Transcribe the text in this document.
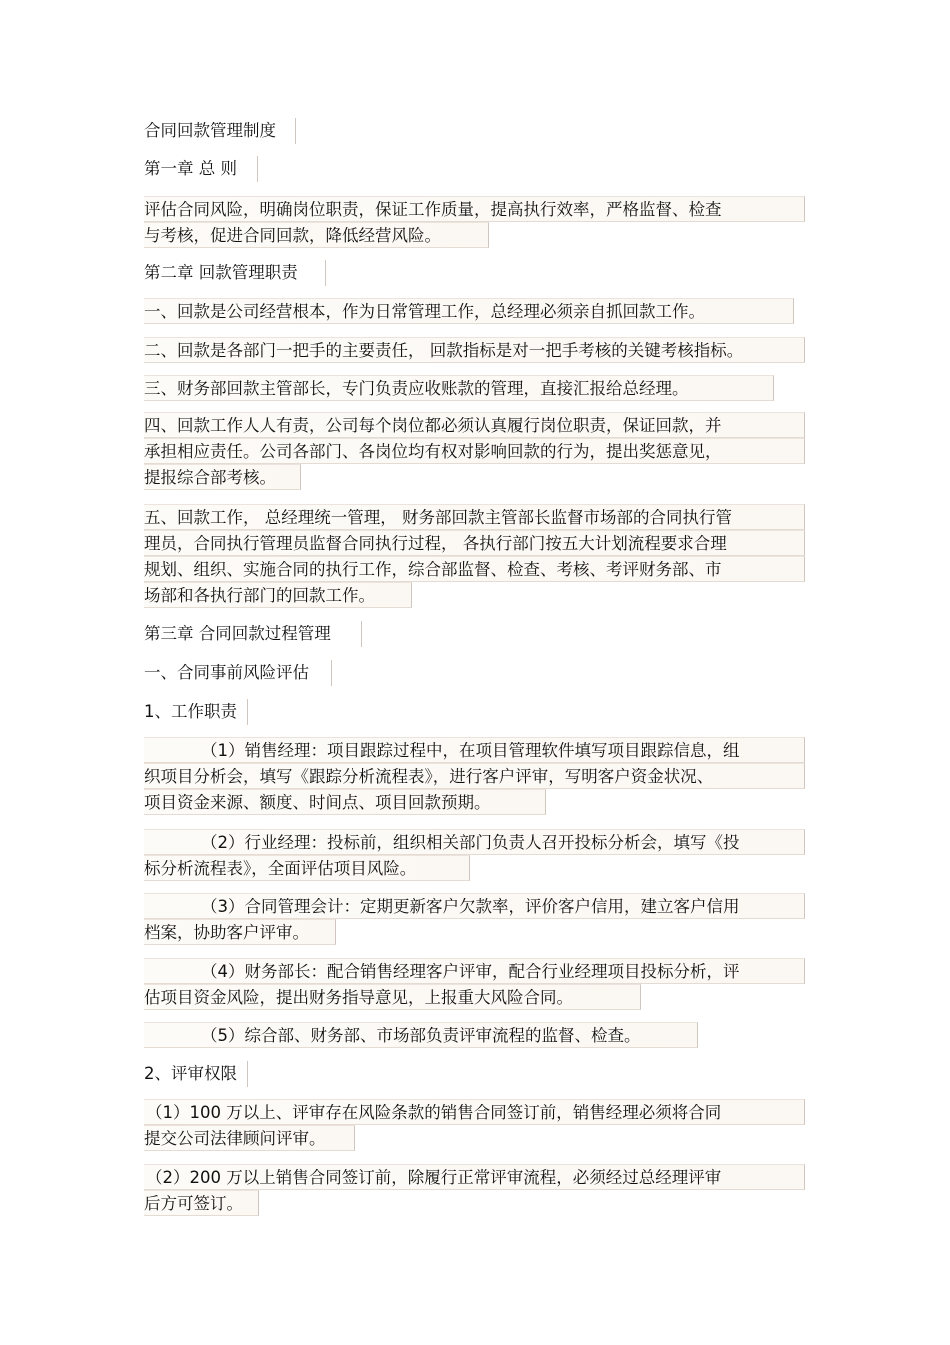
合同回款管理制度
第一章 总 则
评估合同风险，明确岗位职责，保证工作质量，提高执行效率，严格监督、检查
与考核，促进合同回款，降低经营风险。
第二章 回款管理职责
一、回款是公司经营根本，作为日常管理工作，总经理必须亲自抓回款工作。
二、回款是各部门一把手的主要责任， 回款指标是对一把手考核的关键考核指标。
三、财务部回款主管部长，专门负责应收账款的管理，直接汇报给总经理。
四、回款工作人人有责，公司每个岗位都必须认真履行岗位职责，保证回款，并
承担相应责任。公司各部门、各岗位均有权对影响回款的行为，提出奖惩意见，
提报综合部考核。
五、回款工作， 总经理统一管理， 财务部回款主管部长监督市场部的合同执行管
理员，合同执行管理员监督合同执行过程， 各执行部门按五大计划流程要求合理
规划、组织、实施合同的执行工作，综合部监督、检查、考核、考评财务部、市
场部和各执行部门的回款工作。
第三章 合同回款过程管理
一、合同事前风险评估
1、工作职责
（1）销售经理：项目跟踪过程中，在项目管理软件填写项目跟踪信息，组
织项目分析会，填写《跟踪分析流程表》，进行客户评审，写明客户资金状况、
项目资金来源、额度、时间点、项目回款预期。
（2）行业经理：投标前，组织相关部门负责人召开投标分析会，填写《投
标分析流程表》，全面评估项目风险。
（3）合同管理会计：定期更新客户欠款率，评价客户信用，建立客户信用
档案，协助客户评审。
（4）财务部长：配合销售经理客户评审，配合行业经理项目投标分析，评
估项目资金风险，提出财务指导意见，上报重大风险合同。
（5）综合部、财务部、市场部负责评审流程的监督、检查。
2、评审权限
（1）100 万以上、评审存在风险条款的销售合同签订前，销售经理必须将合同
提交公司法律顾问评审。
（2）200 万以上销售合同签订前，除履行正常评审流程，必须经过总经理评审
后方可签订。
